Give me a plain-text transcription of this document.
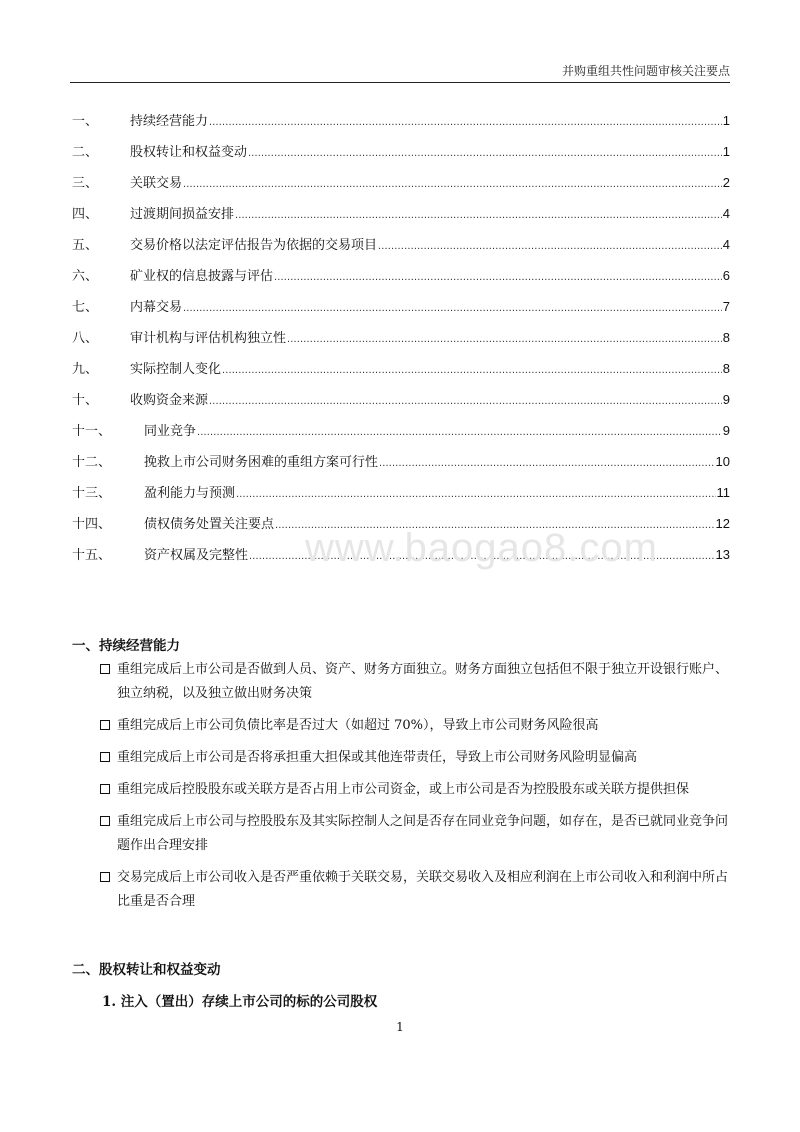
并购重组共性问题审核关注要点
一、	持续经营能力 .....	1
二、	股权转让和权益变动 .....	1
三、	关联交易 .....	2
四、	过渡期间损益安排 .....	4
五、	交易价格以法定评估报告为依据的交易项目 .....	4
六、	矿业权的信息披露与评估 .....	6
七、	内幕交易 .....	7
八、	审计机构与评估机构独立性 .....	8
九、	实际控制人变化 .....	8
十、	收购资金来源 .....	9
十一、	同业竞争 .....	9
十二、	挽救上市公司财务困难的重组方案可行性 .....	10
十三、	盈利能力与预测 .....	11
十四、	债权债务处置关注要点 .....	12
十五、	资产权属及完整性 .....	13
www.baogao8.com
一、持续经营能力
重组完成后上市公司是否做到人员、资产、财务方面独立。财务方面独立包括但不限于独立开设银行账户、独立纳税，以及独立做出财务决策
重组完成后上市公司负债比率是否过大（如超过 70%），导致上市公司财务风险很高
重组完成后上市公司是否将承担重大担保或其他连带责任，导致上市公司财务风险明显偏高
重组完成后控股股东或关联方是否占用上市公司资金，或上市公司是否为控股股东或关联方提供担保
重组完成后上市公司与控股股东及其实际控制人之间是否存在同业竞争问题，如存在，是否已就同业竞争问题作出合理安排
交易完成后上市公司收入是否严重依赖于关联交易，关联交易收入及相应利润在上市公司收入和利润中所占比重是否合理
二、股权转让和权益变动
1. 注入（置出）存续上市公司的标的公司股权
1
